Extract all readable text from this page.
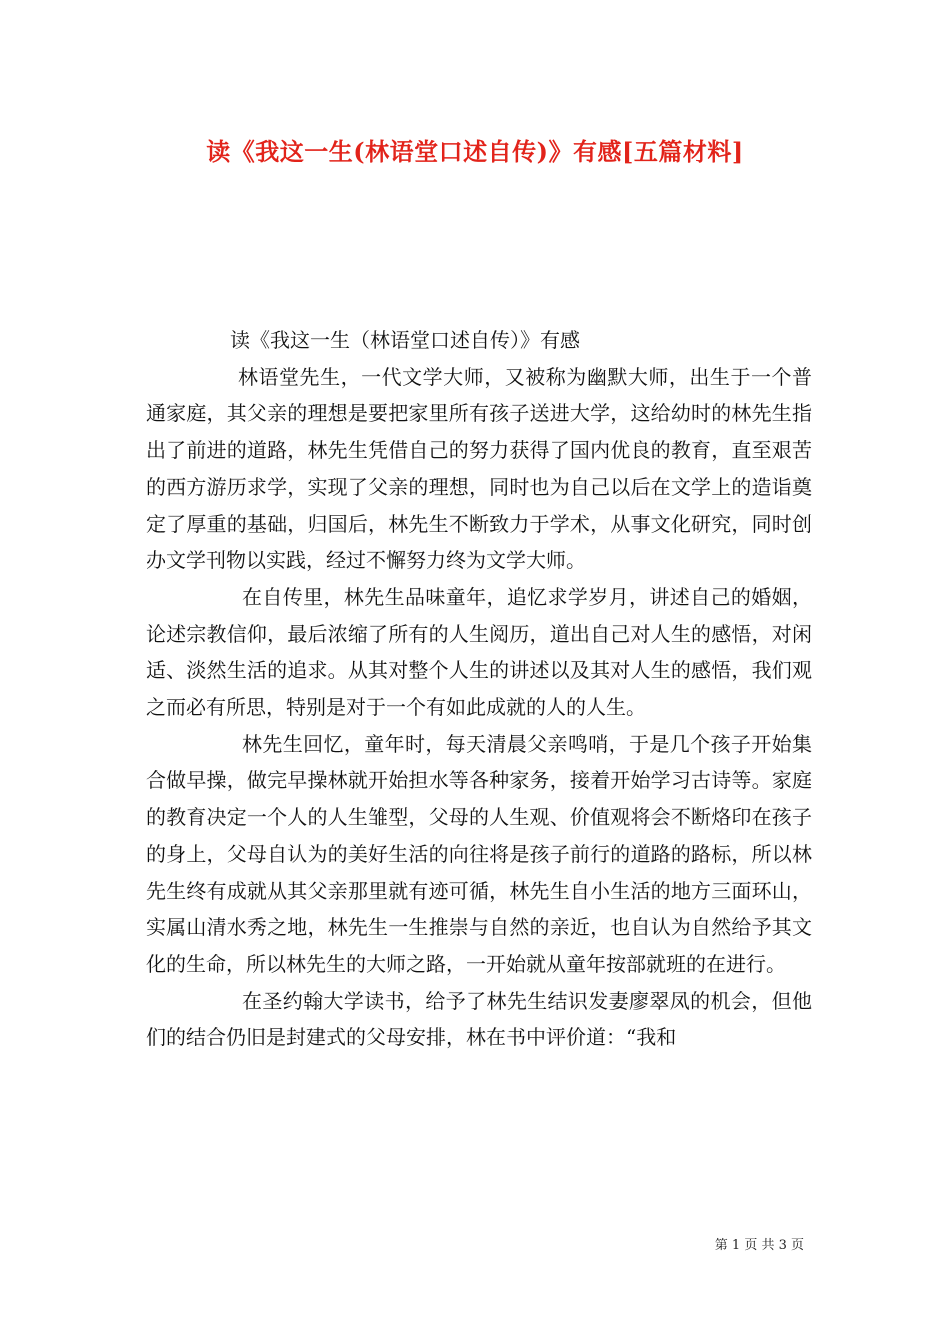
读《我这一生(林语堂口述自传)》有感[五篇材料]
读《我这一生（林语堂口述自传）》有感

林语堂先生，一代文学大师，又被称为幽默大师，出生于一个普通家庭，其父亲的理想是要把家里所有孩子送进大学，这给幼时的林先生指出了前进的道路，林先生凭借自己的努力获得了国内优良的教育，直至艰苦的西方游历求学，实现了父亲的理想，同时也为自己以后在文学上的造诣奠定了厚重的基础，归国后，林先生不断致力于学术，从事文化研究，同时创办文学刊物以实践，经过不懈努力终为文学大师。

在自传里，林先生品味童年，追忆求学岁月，讲述自己的婚姻，论述宗教信仰，最后浓缩了所有的人生阅历，道出自己对人生的感悟，对闲适、淡然生活的追求。从其对整个人生的讲述以及其对人生的感悟，我们观之而必有所思，特别是对于一个有如此成就的人的人生。

林先生回忆，童年时，每天清晨父亲鸣哨，于是几个孩子开始集合做早操，做完早操林就开始担水等各种家务，接着开始学习古诗等。家庭的教育决定一个人的人生雏型，父母的人生观、价值观将会不断烙印在孩子的身上，父母自认为的美好生活的向往将是孩子前行的道路的路标，所以林先生终有成就从其父亲那里就有迹可循，林先生自小生活的地方三面环山，实属山清水秀之地，林先生一生推崇与自然的亲近，也自认为自然给予其文化的生命，所以林先生的大师之路，一开始就从童年按部就班的在进行。

在圣约翰大学读书，给予了林先生结识发妻廖翠凤的机会，但他们的结合仍旧是封建式的父母安排，林在书中评价道：“我和

第 1 页 共 3 页
